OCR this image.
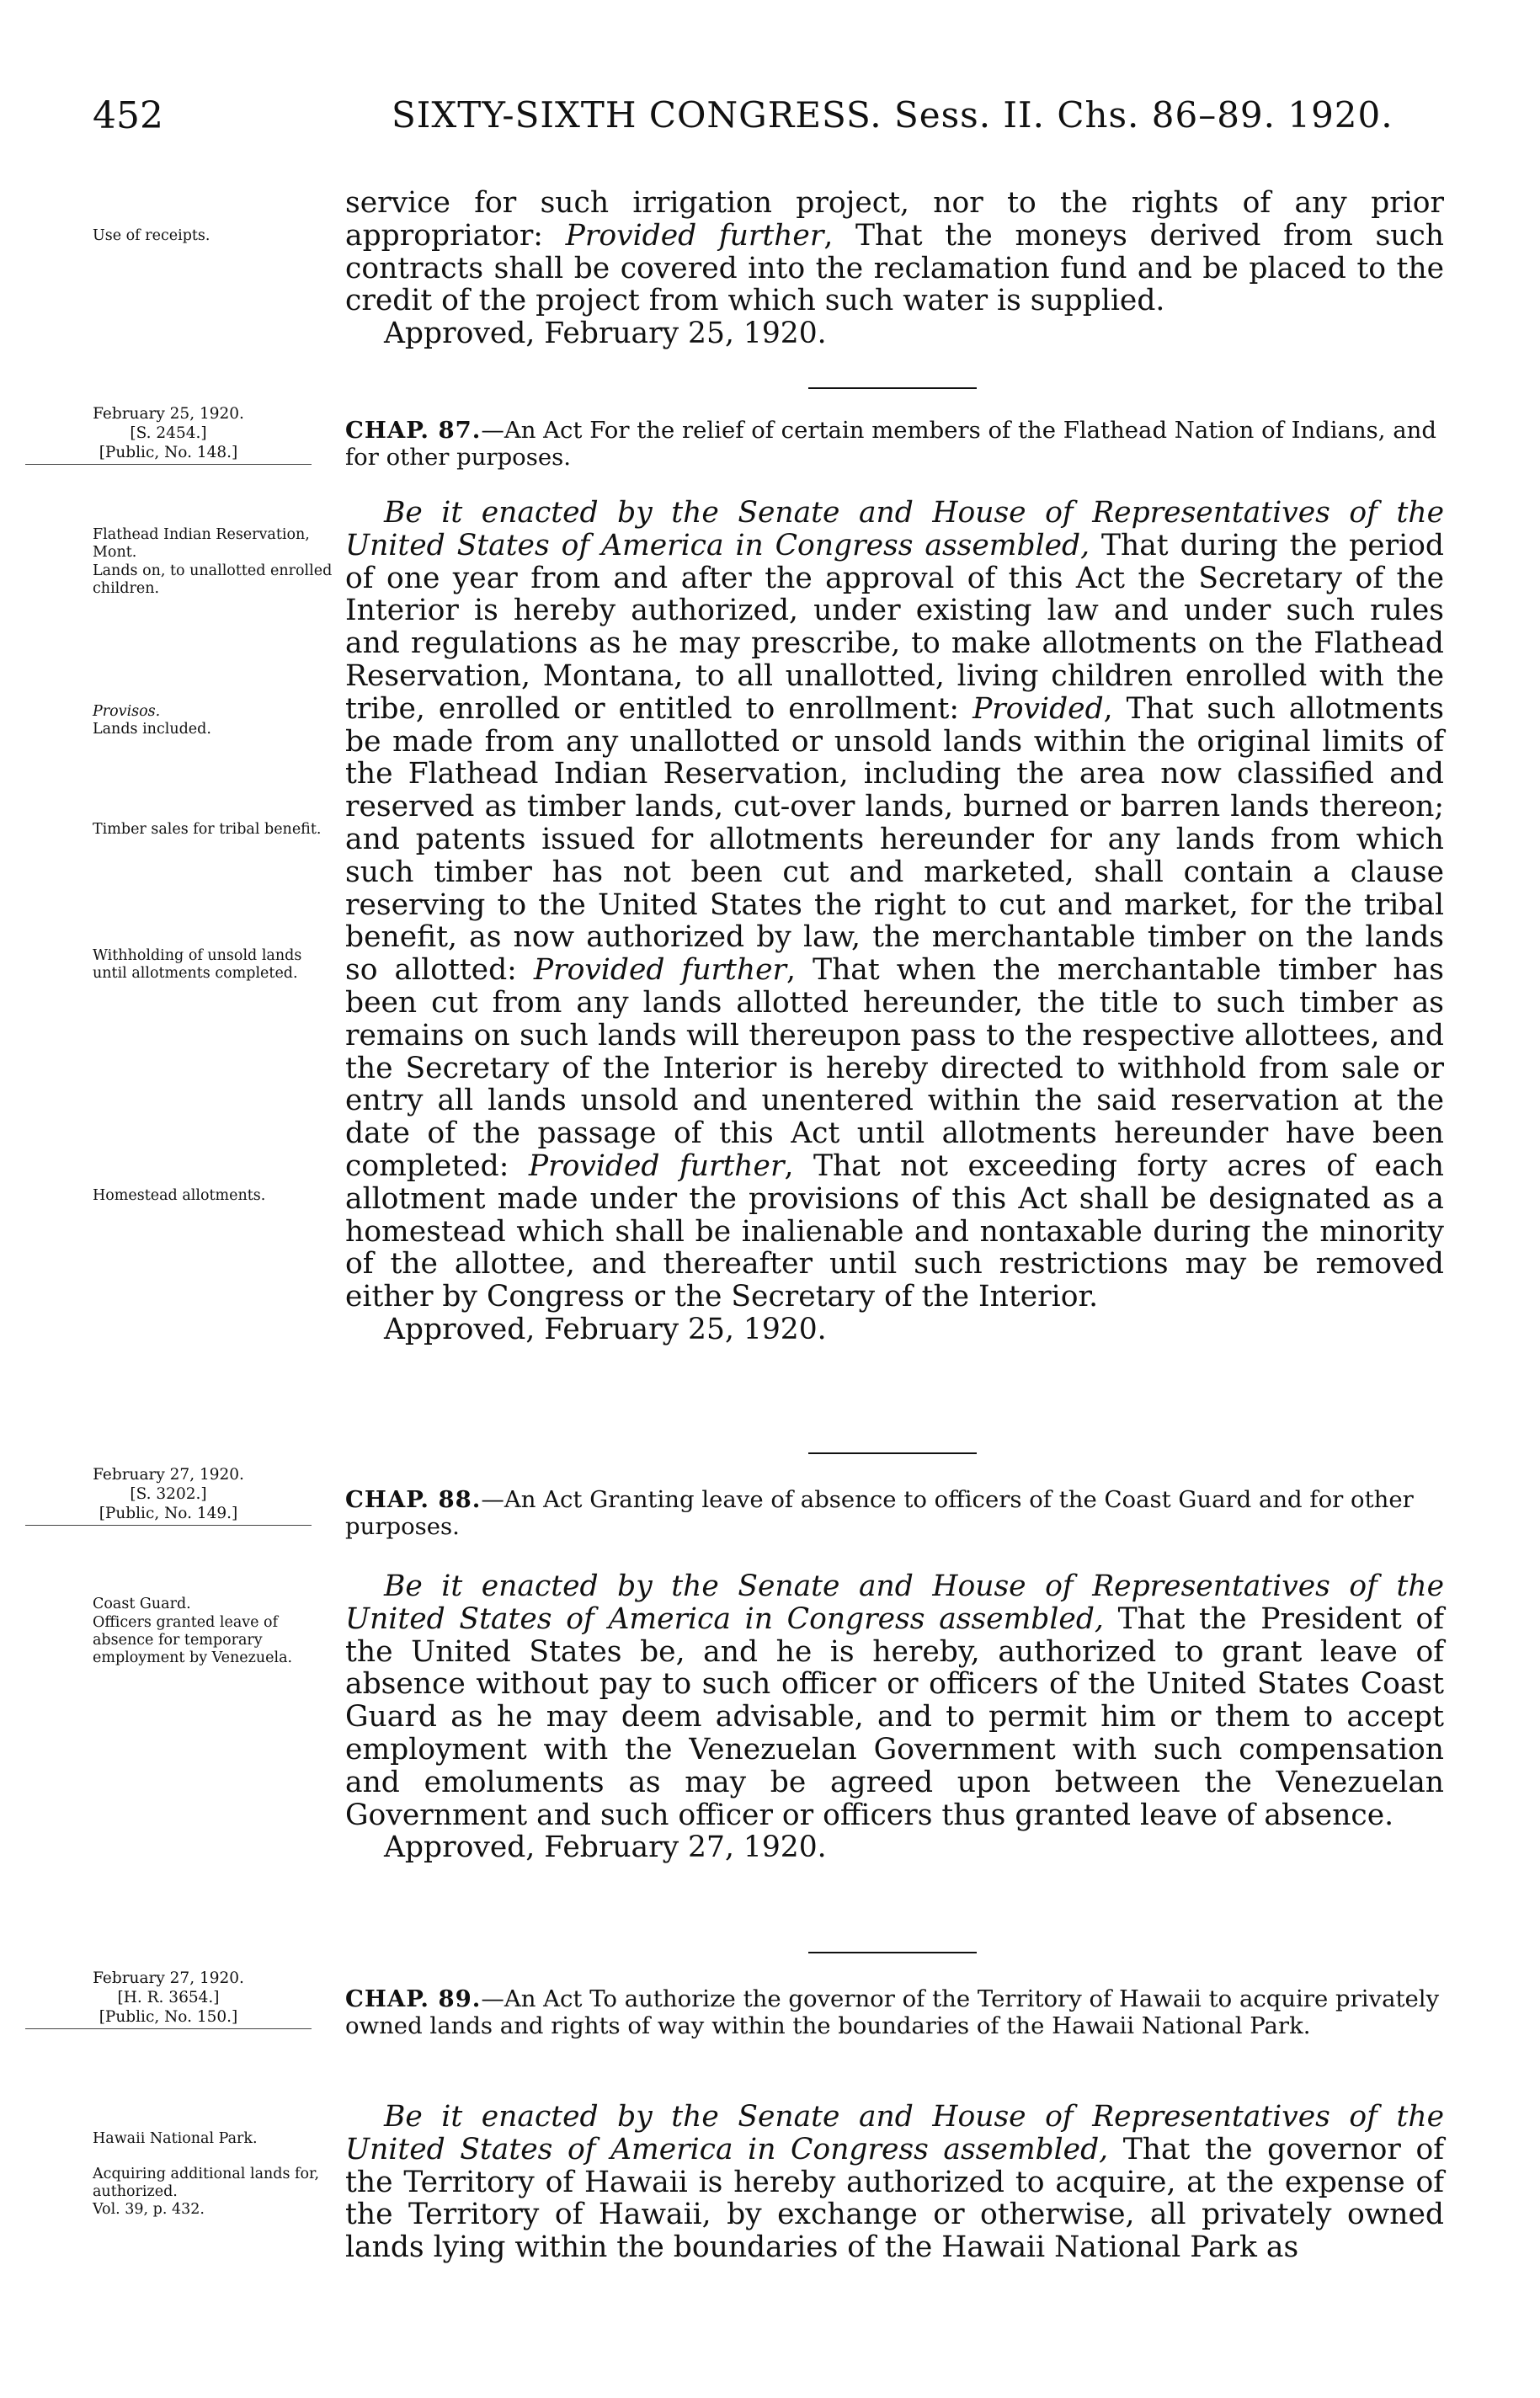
452	SIXTY-SIXTH CONGRESS. Sess. II. Chs. 86–89. 1920.
Use of receipts.

service for such irrigation project, nor to the rights of any prior appropriator: Provided further, That the moneys derived from such contracts shall be covered into the reclamation fund and be placed to the credit of the project from which such water is supplied.

Approved, February 25, 1920.

February 25, 1920.
[S. 2454.]

[Public, No. 148.]
CHAP. 87.—An Act For the relief of certain members of the Flathead Nation of Indians, and for other purposes.
Flathead Indian Reservation, Mont.
Lands on, to unallotted enrolled children.
Provisos.
Lands included.
Timber sales for tribal benefit.
Withholding of unsold lands until allotments completed.
Homestead allotments.

Be it enacted by the Senate and House of Representatives of the United States of America in Congress assembled, That during the period of one year from and after the approval of this Act the Secretary of the Interior is hereby authorized, under existing law and under such rules and regulations as he may prescribe, to make allotments on the Flathead Reservation, Montana, to all unallotted, living children enrolled with the tribe, enrolled or entitled to enrollment: Provided, That such allotments be made from any unallotted or unsold lands within the original limits of the Flathead Indian Reservation, including the area now classified and reserved as timber lands, cut-over lands, burned or barren lands thereon; and patents issued for allotments hereunder for any lands from which such timber has not been cut and marketed, shall contain a clause reserving to the United States the right to cut and market, for the tribal benefit, as now authorized by law, the merchantable timber on the lands so allotted: Provided further, That when the merchantable timber has been cut from any lands allotted hereunder, the title to such timber as remains on such lands will thereupon pass to the respective allottees, and the Secretary of the Interior is hereby directed to withhold from sale or entry all lands unsold and unentered within the said reservation at the date of the passage of this Act until allotments hereunder have been completed: Provided further, That not exceeding forty acres of each allotment made under the provisions of this Act shall be designated as a homestead which shall be inalienable and nontaxable during the minority of the allottee, and thereafter until such restrictions may be removed either by Congress or the Secretary of the Interior.

Approved, February 25, 1920.

February 27, 1920.
[S. 3202.]

[Public, No. 149.]
CHAP. 88.—An Act Granting leave of absence to officers of the Coast Guard and for other purposes.
Coast Guard.
Officers granted leave of absence for temporary employment by Venezuela.

Be it enacted by the Senate and House of Representatives of the United States of America in Congress assembled, That the President of the United States be, and he is hereby, authorized to grant leave of absence without pay to such officer or officers of the United States Coast Guard as he may deem advisable, and to permit him or them to accept employment with the Venezuelan Government with such compensation and emoluments as may be agreed upon between the Venezuelan Government and such officer or officers thus granted leave of absence.

Approved, February 27, 1920.

February 27, 1920.
[H. R. 3654.]

[Public, No. 150.]
CHAP. 89.—An Act To authorize the governor of the Territory of Hawaii to acquire privately owned lands and rights of way within the boundaries of the Hawaii National Park.
Hawaii National Park.
Acquiring additional lands for, authorized.
Vol. 39, p. 432.

Be it enacted by the Senate and House of Representatives of the United States of America in Congress assembled, That the governor of the Territory of Hawaii is hereby authorized to acquire, at the expense of the Territory of Hawaii, by exchange or otherwise, all privately owned lands lying within the boundaries of the Hawaii National Park as
